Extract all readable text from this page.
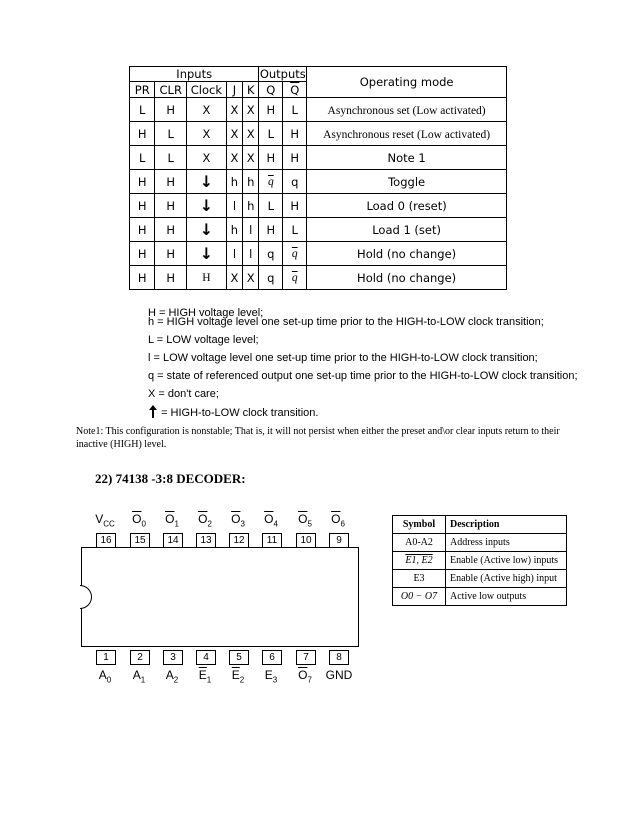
Inputs					Outputs		Operating mode
PR	CLR	Clock	J	K	Q	$\overline{Q}$
L	H	X	X	X	H	L	Asynchronous set (Low activated)
H	L	X	X	X	L	H	Asynchronous reset (Low activated)
L	L	X	X	X	H	H	Note 1
H	H	↓	h	h	$\overline{q}$	q	Toggle
H	H	↓	l	h	L	H	Load 0 (reset)
H	H	↓	h	l	H	L	Load 1 (set)
H	H	↓	l	l	q	$\overline{q}$	Hold (no change)
H	H	H	X	X	q	$\overline{q}$	Hold (no change)
H = HIGH voltage level;
h = HIGH voltage level one set-up time prior to the HIGH-to-LOW clock transition;
L = LOW voltage level;
l = LOW voltage level one set-up time prior to the HIGH-to-LOW clock transition;
q = state of referenced output one set-up time prior to the HIGH-to-LOW clock transition;
X = don't care;
= HIGH-to-LOW clock transition.
Note1: This configuration is nonstable; That is, it will not persist when either the preset and\or clear inputs return to their inactive (HIGH) level.
22) 74138 -3:8 DECODER:
$V_{CC}$	$\overline{O}_0$	$\overline{O}_1$	$\overline{O}_2$	$\overline{O}_3$	$\overline{O}_4$	$\overline{O}_5$	$\overline{O}_6$
16	15	14	13	12	11	10	9
1	2	3	4	5	6	7	8
$A_0$	$A_1$	$A_2$	$\overline{E}_1$	$\overline{E}_2$	$E_3$	$\overline{O}_7$	GND
Symbol	Description
A0-A2	Address inputs
E1, E2	Enable (Active low) inputs
E3	Enable (Active high) input
O0 − O7	Active low outputs
